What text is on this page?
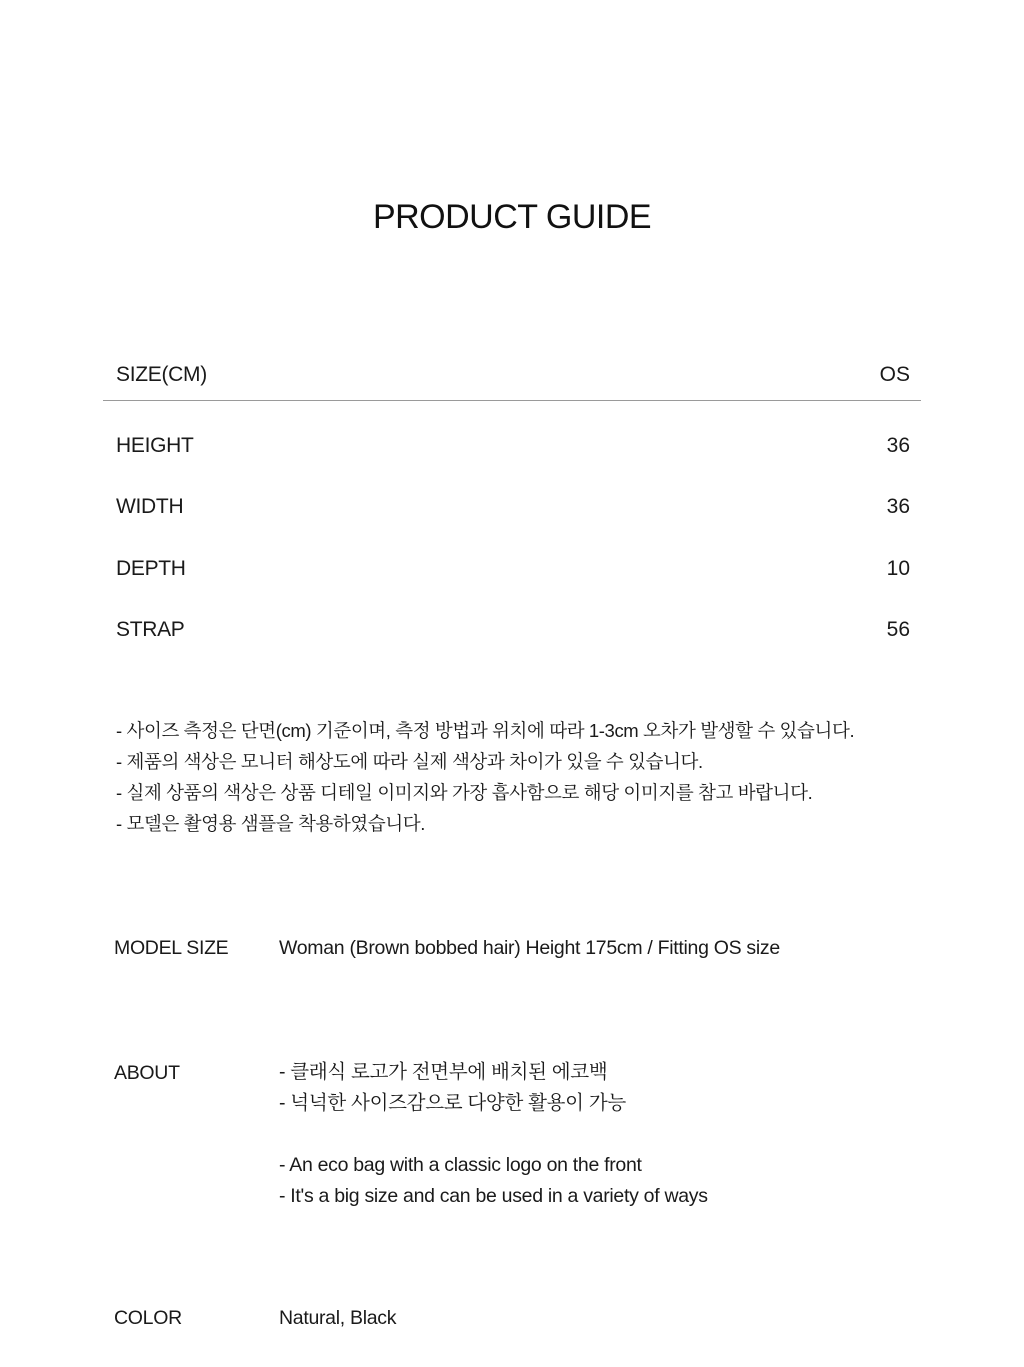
PRODUCT GUIDE
SIZE(CM)	OS
HEIGHT	36
WIDTH	36
DEPTH	10
STRAP	56
- 사이즈 측정은 단면(cm) 기준이며, 측정 방법과 위치에 따라 1-3cm 오차가 발생할 수 있습니다.
- 제품의 색상은 모니터 해상도에 따라 실제 색상과 차이가 있을 수 있습니다.
- 실제 상품의 색상은 상품 디테일 이미지와 가장 흡사함으로 해당 이미지를 참고 바랍니다.
- 모델은 촬영용 샘플을 착용하였습니다.
MODEL SIZE	Woman (Brown bobbed hair) Height 175cm / Fitting OS size
ABOUT	- 클래식 로고가 전면부에 배치된 에코백
- 넉넉한 사이즈감으로 다양한 활용이 가능
- An eco bag with a classic logo on the front
- It's a big size and can be used in a variety of ways
COLOR	Natural, Black
